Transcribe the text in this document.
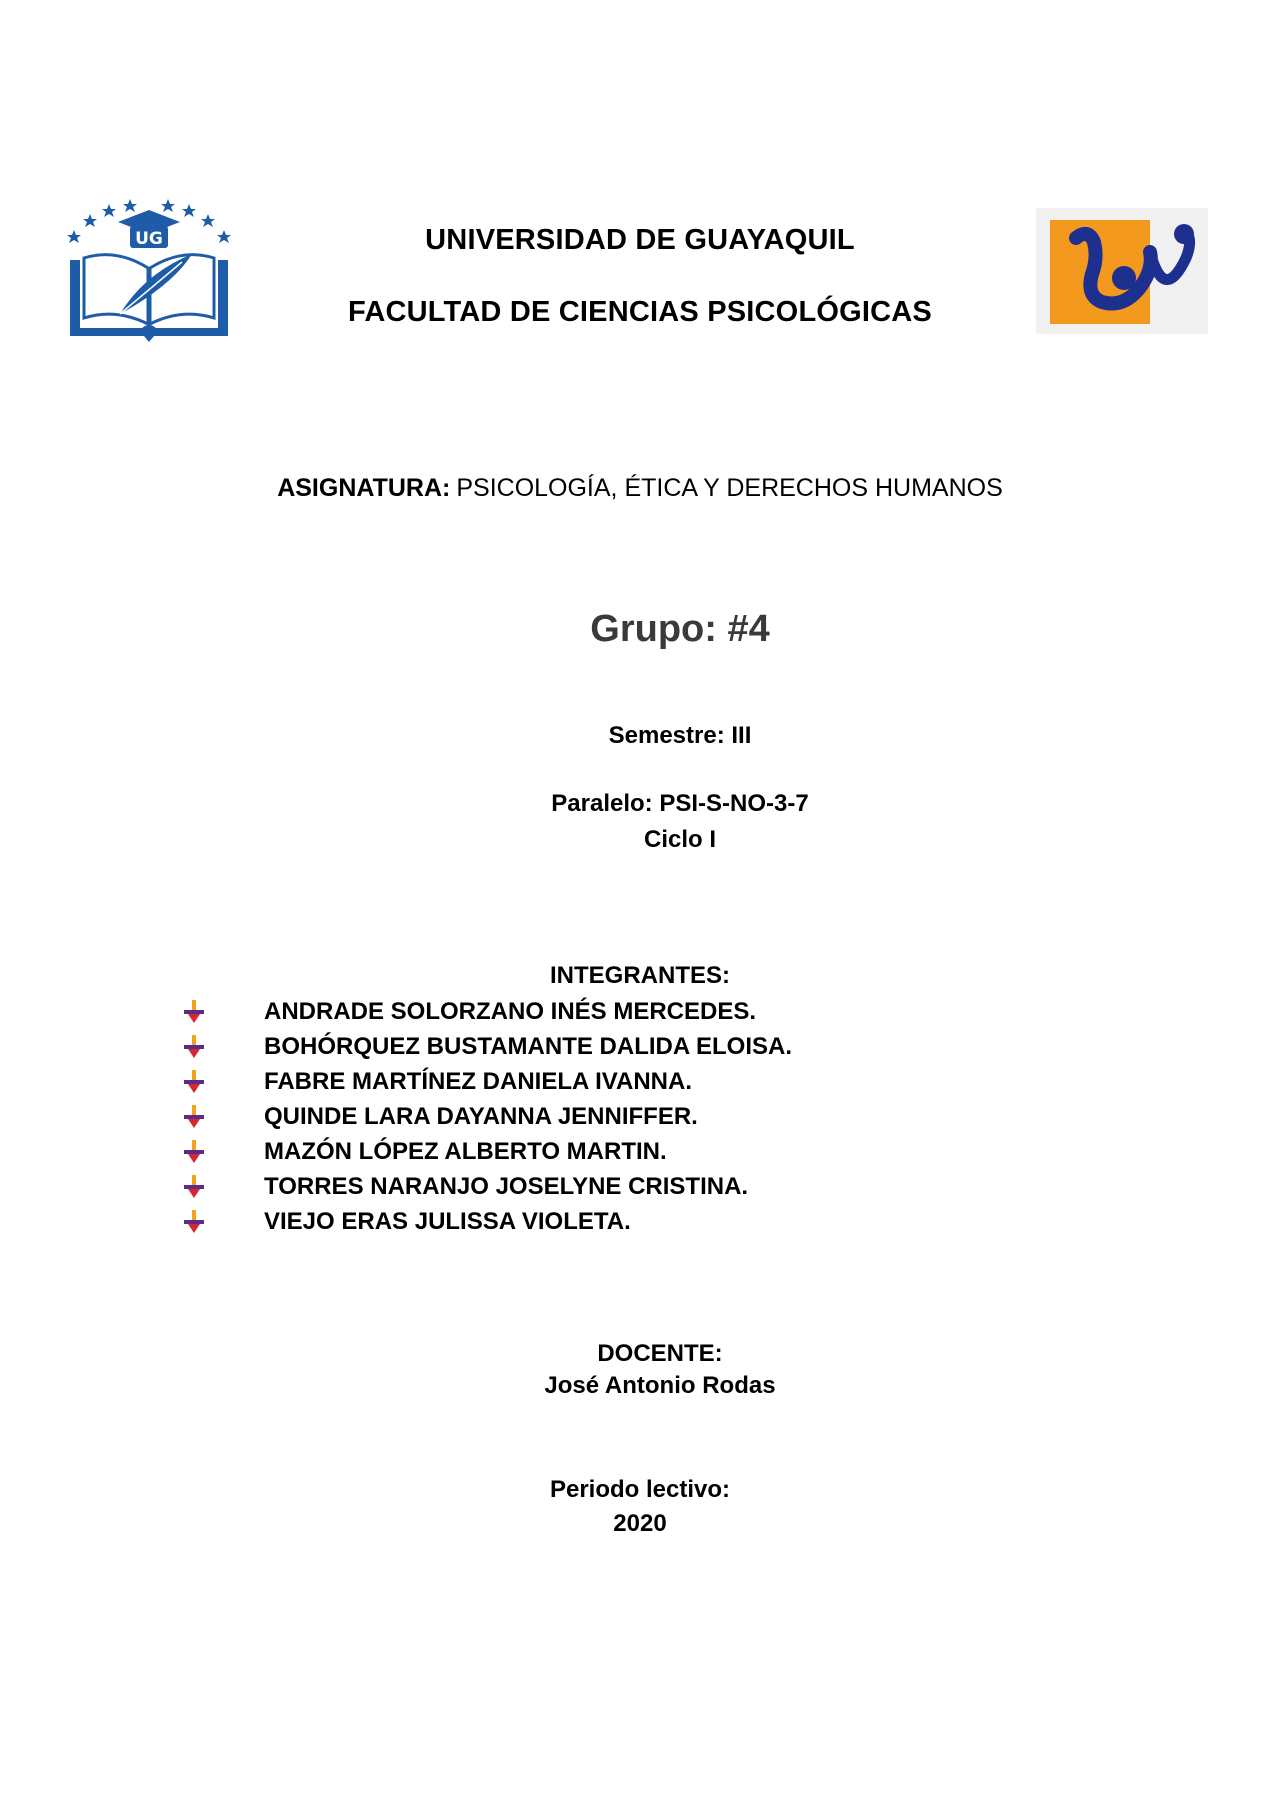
UG	UNIVERSIDAD DE GUAYAQUIL
FACULTAD DE CIENCIAS PSICOLÓGICAS
ASIGNATURA: PSICOLOGÍA, ÉTICA Y DERECHOS HUMANOS
Grupo: #4
Semestre: III
Paralelo: PSI-S-NO-3-7
Ciclo I
INTEGRANTES:
ANDRADE SOLORZANO INÉS MERCEDES.
BOHÓRQUEZ BUSTAMANTE DALIDA ELOISA.
FABRE MARTÍNEZ DANIELA IVANNA.
QUINDE LARA DAYANNA JENNIFFER.
MAZÓN LÓPEZ ALBERTO MARTIN.
TORRES NARANJO JOSELYNE CRISTINA.
VIEJO ERAS JULISSA VIOLETA.
DOCENTE:
José Antonio Rodas
Periodo lectivo:
2020
